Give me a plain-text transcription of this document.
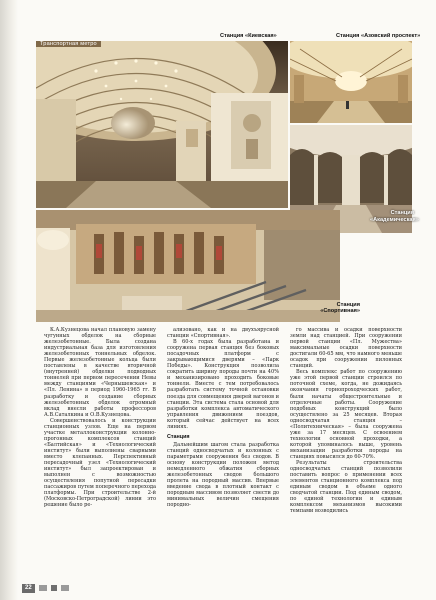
Транспортная метро
Станция «Киевская»	Станция «Азовский проспект»
Станция «Академическая»
Станция «Спортивная»

К.А.Кузнецова начал плановую замену чугунных обделок на сборные железобетонные. Была создана индустриальная база для изготовления железобетонных тоннельных обделок. Первые железобетонные кольца были поставлены в качестве вторичной (внутренней) обделки подводных тоннелей при первом пересечении Невы между станциями «Чернышевская» и «Пл. Ленина» в период 1960-1965 гг. В разработку и создание сборных железобетонных обделок огромный вклад внесли работы профессоров А.В.Саталкина и О.В.Кузнецова.

Совершенствовалось и конструкции станционных узлов. Еще на первом участке металлоконструкции колонно-прогонных комплексов станций «Балтийская» и «Технологический институт» были выполнены сварными вместо клепанных. Перспективный пересадочный узел «Технологический институт» был запроектирован и выполнен с возможностью осуществления попутной пересадки пассажиров путем поперечного перехода платформы. При строительстве 2-й (Московско-Петроградской) линии это решение было ре-

ализовано, как и на двухъярусной станции «Спортивная».

В 60-х годах была разработана и сооружена первая станция без боковых посадочных платформ с закрывающимися дверями – «Парк Победы». Конструкция позволила сократить ширину породы почти на 40% и механизировано проходить боковые тоннели. Вместе с тем потребовалось разработать систему точной остановки поезда для совмещения дверей вагонов и станции. Эта система стала основой для разработки комплекса автоматического управления движением поездов, который сейчас действует на всех линиях.

Станция

Дальнейшим шагом стала разработка станций односводчатых и колонных с параметрами сооружения без сводов. В основу конструкции положен метод немедленного обжатия сборных железобетонных сводов большого пролета на породный массив. Впервые введение свода в плотный контакт с породным массивом позволяет свести до минимальных величин смещения породно-

го массива и осадки поверхности земли над станцией. При сооружении первой станции «Пл. Мужества» максимальные осадки поверхности достигали 60-65 мм, что намного меньше осадок при сооружении пилонных станций.

Весь комплекс работ по сооружению уже этой первой станции строился по поточной схеме, когда, не дожидаясь окончания горнопроходческих работ, были начаты общестроительные и отделочные работы. Сооружение подобных конструкций было осуществлено за 25 месяцев. Вторая односводчатая станция – «Политехническая» – была сооружена уже за 17 месяцев. С освоением технологии основной проходки, а которой упоминалось выше, уровень механизации разработки породы на станциях повысился до 60-70%.

Результаты строительства односводчатых станций позволили поставить вопрос о применении всех элементов станционного комплекса под единым сводом в объеме одного сводчатой станции. Под единым сводом, по единой технологии и единым комплексом механизмов высокими темпами возводились

22
